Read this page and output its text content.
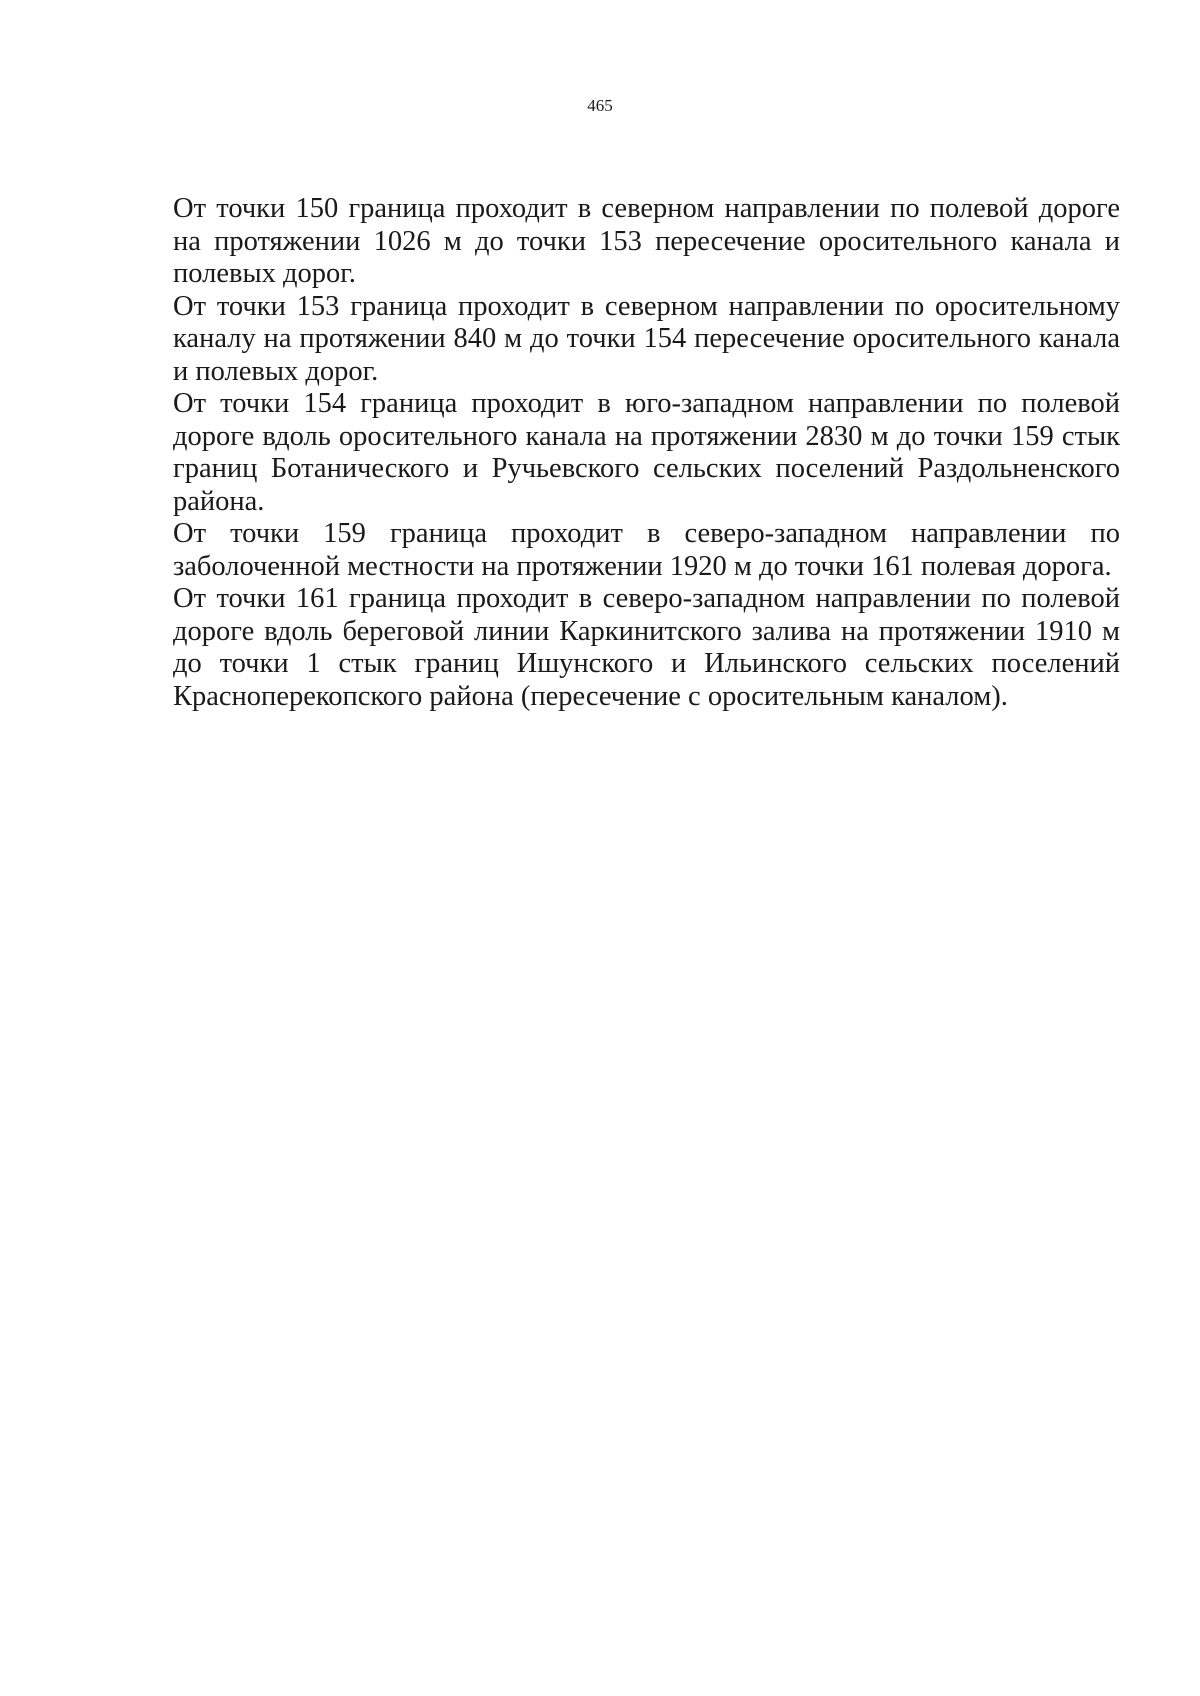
465

От точки 150 граница проходит в северном направлении по полевой дороге на протяжении 1026 м до точки 153 пересечение оросительного канала и полевых дорог.

От точки 153 граница проходит в северном направлении по оросительному каналу на протяжении 840 м до точки 154 пересечение оросительного канала и полевых дорог.

От точки 154 граница проходит в юго-западном направлении по полевой дороге вдоль оросительного канала на протяжении 2830 м до точки 159 стык границ Ботанического и Ручьевского сельских поселений Раздольненского района.

От точки 159 граница проходит в северо-западном направлении по заболоченной местности на протяжении 1920 м до точки 161 полевая дорога.

От точки 161 граница проходит в северо-западном направлении по полевой дороге вдоль береговой линии Каркинитского залива на протяжении 1910 м до точки 1 стык границ Ишунского и Ильинского сельских поселений Красноперекопского района (пересечение с оросительным каналом).
